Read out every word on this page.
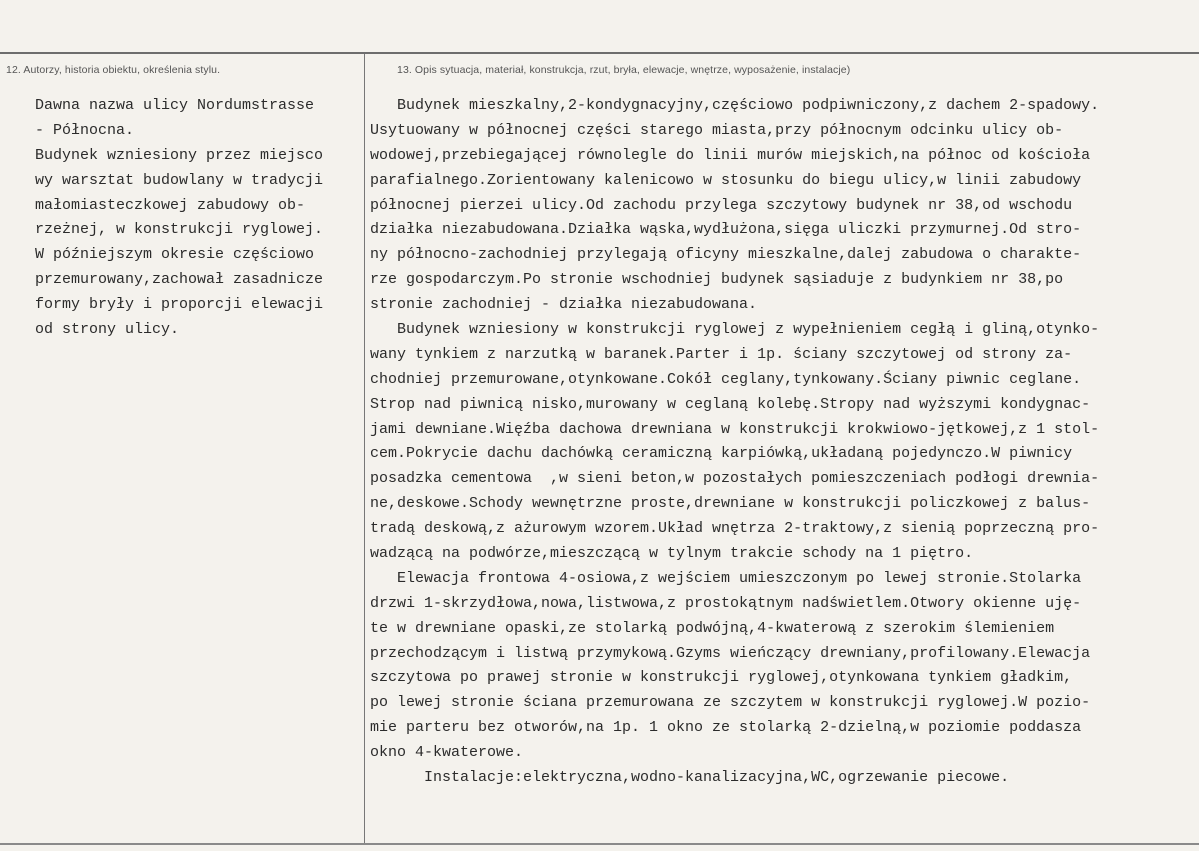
12. Autorzy, historia obiektu, określenia stylu.	13. Opis sytuacja, materiał, konstrukcja, rzut, bryła, elewacje, wnętrze, wyposażenie, instalacje)
Dawna nazwa ulicy Nordumstrasse
- Północna.
Budynek wzniesiony przez miejsco
wy warsztat budowlany w tradycji
małomiasteczkowej zabudowy ob-
rzeżnej, w konstrukcji ryglowej.
W późniejszym okresie częściowo
przemurowany,zachował zasadnicze
formy bryły i proporcji elewacji
od strony ulicy.
Budynek mieszkalny,2-kondygnacyjny,częściowo podpiwniczony,z dachem 2-spadowy.
Usytuowany w północnej części starego miasta,przy północnym odcinku ulicy ob-
wodowej,przebiegającej równolegle do linii murów miejskich,na północ od kościoła
parafialnego.Zorientowany kalenicowo w stosunku do biegu ulicy,w linii zabudowy
północnej pierzei ulicy.Od zachodu przylega szczytowy budynek nr 38,od wschodu
działka niezabudowana.Działka wąska,wydłużona,sięga uliczki przymurnej.Od stro-
ny północno-zachodniej przylegają oficyny mieszkalne,dalej zabudowa o charakte-
rze gospodarczym.Po stronie wschodniej budynek sąsiaduje z budynkiem nr 38,po
stronie zachodniej - działka niezabudowana.
Budynek wzniesiony w konstrukcji ryglowej z wypełnieniem cegłą i gliną,otynko-
wany tynkiem z narzutką w baranek.Parter i 1p. ściany szczytowej od strony za-
chodniej przemurowane,otynkowane.Cokół ceglany,tynkowany.Ściany piwnic ceglane.
Strop nad piwnicą nisko,murowany w ceglaną kolebę.Stropy nad wyższymi kondygnac-
jami dewniane.Więźba dachowa drewniana w konstrukcji krokwiowo-jętkowej,z 1 stol-
cem.Pokrycie dachu dachówką ceramiczną karpiówką,układaną pojedynczo.W piwnicy
posadzka cementowa  ,w sieni beton,w pozostałych pomieszczeniach podłogi drewnia-
ne,deskowe.Schody wewnętrzne proste,drewniane w konstrukcji policzkowej z balus-
tradą deskową,z ażurowym wzorem.Układ wnętrza 2-traktowy,z sienią poprzeczną pro-
wadzącą na podwórze,mieszczącą w tylnym trakcie schody na 1 piętro.
Elewacja frontowa 4-osiowa,z wejściem umieszczonym po lewej stronie.Stolarka
drzwi 1-skrzydłowa,nowa,listwowa,z prostokątnym nadświetlem.Otwory okienne uję-
te w drewniane opaski,ze stolarką podwójną,4-kwaterową z szerokim ślemieniem
przechodzącym i listwą przymykową.Gzyms wieńczący drewniany,profilowany.Elewacja
szczytowa po prawej stronie w konstrukcji ryglowej,otynkowana tynkiem gładkim,
po lewej stronie ściana przemurowana ze szczytem w konstrukcji ryglowej.W pozio-
mie parteru bez otworów,na 1p. 1 okno ze stolarką 2-dzielną,w poziomie poddasza
okno 4-kwaterowe.
Instalacje:elektryczna,wodno-kanalizacyjna,WC,ogrzewanie piecowe.
